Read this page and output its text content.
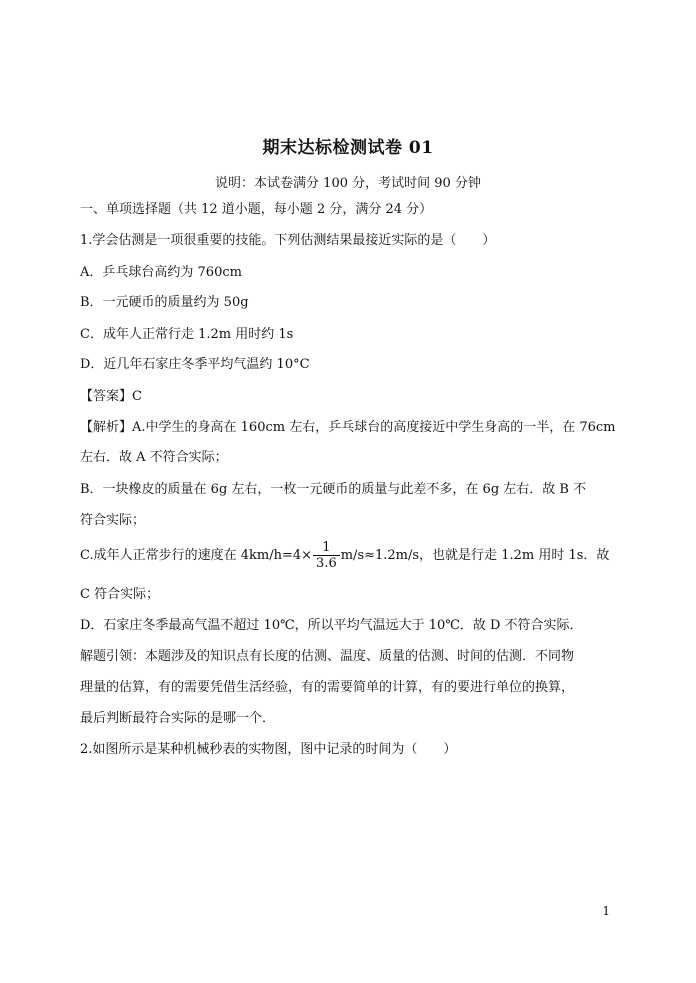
期末达标检测试卷 01
说明：本试卷满分 100 分，考试时间 90 分钟
一、单项选择题（共 12 道小题，每小题 2 分，满分 24 分）
1.学会估测是一项很重要的技能。下列估测结果最接近实际的是（　　）
A．乒乓球台高约为 760cm
B．一元硬币的质量约为 50g
C．成年人正常行走 1.2m 用时约 1s
D．近几年石家庄冬季平均气温约 10°C
【答案】C
【解析】A.中学生的身高在 160cm 左右，乒乓球台的高度接近中学生身高的一半，在 76cm
左右．故 A 不符合实际；
B．一块橡皮的质量在 6g 左右，一枚一元硬币的质量与此差不多，在 6g 左右．故 B 不
符合实际；
C.成年人正常步行的速度在 $4km/h=4\times \frac{1}{3.6} m/s\approx 1.2m/s$，也就是行走 1.2m 用时 1s．故
C 符合实际；
D．石家庄冬季最高气温不超过 10℃，所以平均气温远大于 10℃．故 D 不符合实际．
解题引领：本题涉及的知识点有长度的估测、温度、质量的估测、时间的估测．不同物
理量的估算，有的需要凭借生活经验，有的需要简单的计算，有的要进行单位的换算，
最后判断最符合实际的是哪一个．
2.如图所示是某种机械秒表的实物图，图中记录的时间为（　　）
1
